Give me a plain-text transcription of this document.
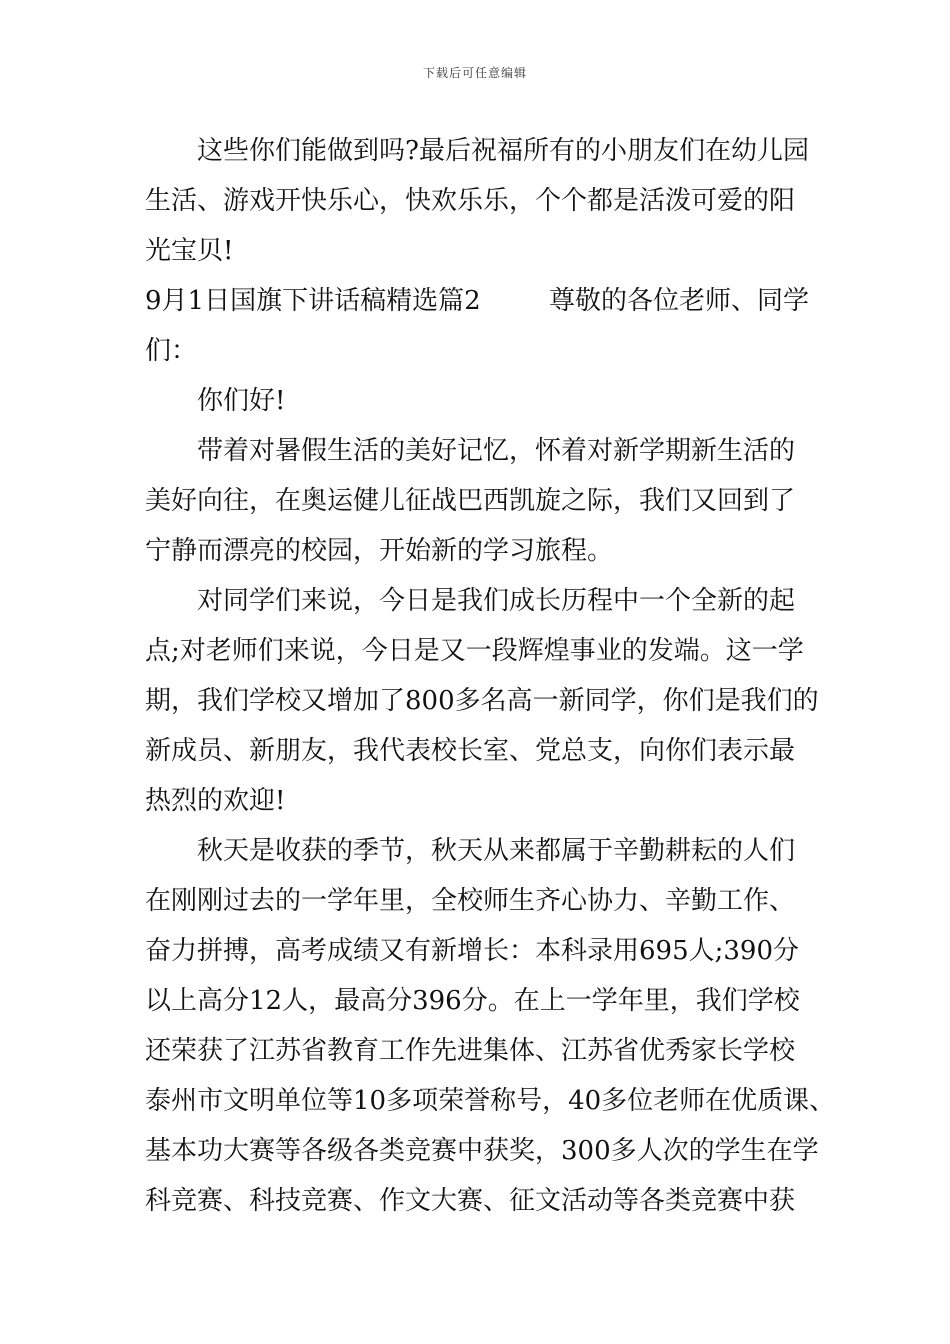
下载后可任意编辑
这些你们能做到吗?最后祝福所有的小朋友们在幼儿园
生活、游戏开快乐心，快欢乐乐，个个都是活泼可爱的阳
光宝贝!
9月1日国旗下讲话稿精选篇2	尊敬的各位老师、同学
们：
你们好!
带着对暑假生活的美好记忆，怀着对新学期新生活的
美好向往，在奥运健儿征战巴西凯旋之际，我们又回到了
宁静而漂亮的校园，开始新的学习旅程。
对同学们来说，今日是我们成长历程中一个全新的起
点;对老师们来说，今日是又一段辉煌事业的发端。这一学
期，我们学校又增加了800多名高一新同学，你们是我们的
新成员、新朋友，我代表校长室、党总支，向你们表示最
热烈的欢迎!
秋天是收获的季节，秋天从来都属于辛勤耕耘的人们
在刚刚过去的一学年里，全校师生齐心协力、辛勤工作、
奋力拼搏，高考成绩又有新增长：本科录用695人;390分
以上高分12人，最高分396分。在上一学年里，我们学校
还荣获了江苏省教育工作先进集体、江苏省优秀家长学校
泰州市文明单位等10多项荣誉称号，40多位老师在优质课、
基本功大赛等各级各类竞赛中获奖，300多人次的学生在学
科竞赛、科技竞赛、作文大赛、征文活动等各类竞赛中获
